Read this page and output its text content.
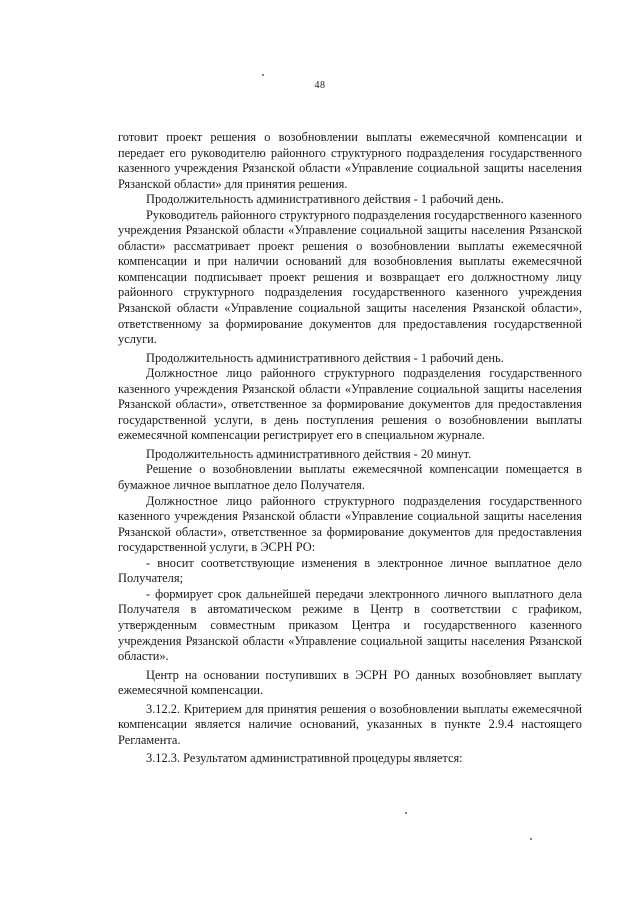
48

готовит проект решения о возобновлении выплаты ежемесячной компенсации и передает его руководителю районного структурного подразделения государственного казенного учреждения Рязанской области «Управление социальной защиты населения Рязанской области» для принятия решения.

Продолжительность административного действия - 1 рабочий день.

Руководитель районного структурного подразделения государственного казенного учреждения Рязанской области «Управление социальной защиты населения Рязанской области» рассматривает проект решения о возобновлении выплаты ежемесячной компенсации и при наличии оснований для возобновления выплаты ежемесячной компенсации подписывает проект решения и возвращает его должностному лицу районного структурного подразделения государственного казенного учреждения Рязанской области «Управление социальной защиты населения Рязанской области», ответственному за формирование документов для предоставления государственной услуги.

Продолжительность административного действия - 1 рабочий день.

Должностное лицо районного структурного подразделения государственного казенного учреждения Рязанской области «Управление социальной защиты населения Рязанской области», ответственное за формирование документов для предоставления государственной услуги, в день поступления решения о возобновлении выплаты ежемесячной компенсации регистрирует его в специальном журнале.

Продолжительность административного действия - 20 минут.

Решение о возобновлении выплаты ежемесячной компенсации помещается в бумажное личное выплатное дело Получателя.

Должностное лицо районного структурного подразделения государственного казенного учреждения Рязанской области «Управление социальной защиты населения Рязанской области», ответственное за формирование документов для предоставления государственной услуги, в ЭСРН РО:

- вносит соответствующие изменения в электронное личное выплатное дело Получателя;

- формирует срок дальнейшей передачи электронного личного выплатного дела Получателя в автоматическом режиме в Центр в соответствии с графиком, утвержденным совместным приказом Центра и государственного казенного учреждения Рязанской области «Управление социальной защиты населения Рязанской области».

Центр на основании поступивших в ЭСРН РО данных возобновляет выплату ежемесячной компенсации.

3.12.2. Критерием для принятия решения о возобновлении выплаты ежемесячной компенсации является наличие оснований, указанных в пункте 2.9.4 настоящего Регламента.

3.12.3. Результатом административной процедуры является:
